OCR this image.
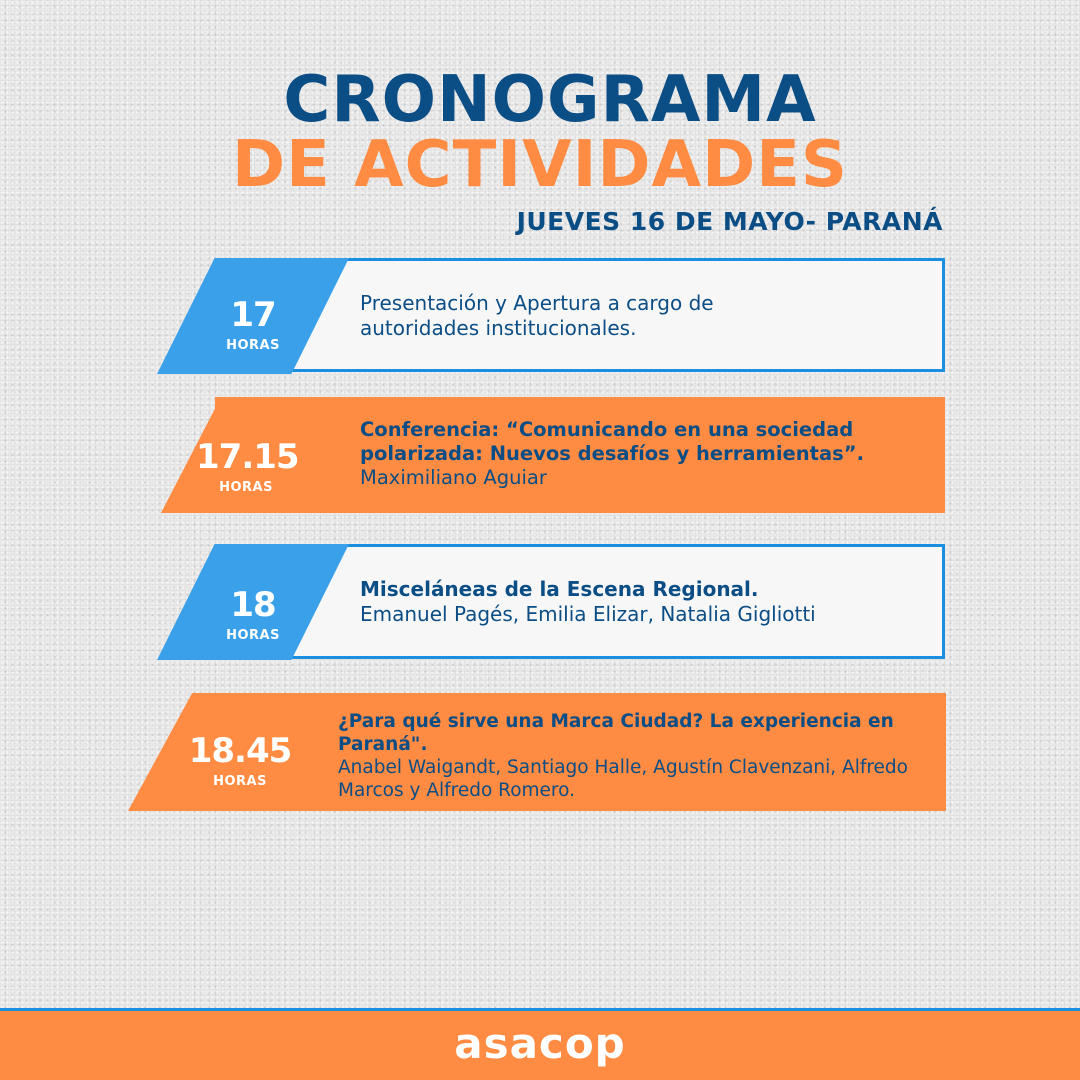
CRONOGRAMA
DE ACTIVIDADES
JUEVES 16 DE MAYO- PARANÁ
17
HORAS
Presentación y Apertura a cargo de autoridades institucionales.
17.15
HORAS
Conferencia: “Comunicando en una sociedad polarizada: Nuevos desafíos y herramientas”.
Maximiliano Aguiar
18
HORAS
Misceláneas de la Escena Regional.
Emanuel Pagés, Emilia Elizar, Natalia Gigliotti
18.45
HORAS
¿Para qué sirve una Marca Ciudad? La experiencia en Paraná".
Anabel Waigandt, Santiago Halle, Agustín Clavenzani, Alfredo Marcos y Alfredo Romero.
asacop
